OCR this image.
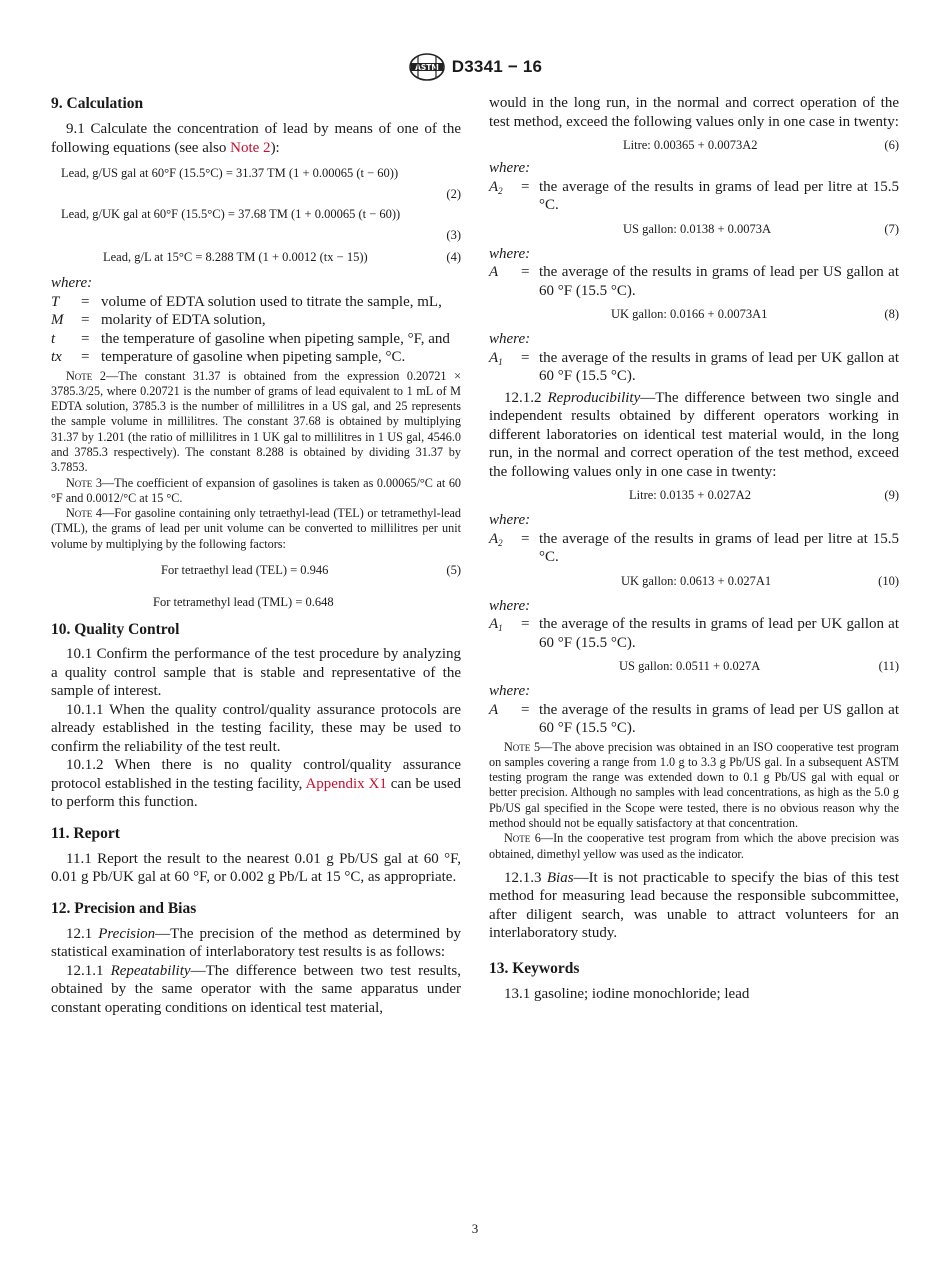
ASTM D3341 − 16

9. Calculation

9.1 Calculate the concentration of lead by means of one of the following equations (see also Note 2):

Lead, g/US gal at 60°F (15.5°C) = 31.37 TM (1 + 0.00065 (t − 60))
(2)
Lead, g/UK gal at 60°F (15.5°C) = 37.68 TM (1 + 0.00065 (t − 60))
(3)
Lead, g/L at 15°C = 8.288 TM (1 + 0.0012 (tx − 15))	(4)

where:

T = volume of EDTA solution used to titrate the sample, mL,
M = molarity of EDTA solution,
t = the temperature of gasoline when pipeting sample, °F, and
tx = temperature of gasoline when pipeting sample, °C.

Note 2—The constant 31.37 is obtained from the expression 0.20721 × 3785.3/25, where 0.20721 is the number of grams of lead equivalent to 1 mL of M EDTA solution, 3785.3 is the number of millilitres in a US gal, and 25 represents the sample volume in millilitres. The constant 37.68 is obtained by multiplying 31.37 by 1.201 (the ratio of millilitres in 1 UK gal to millilitres in 1 US gal, 4546.0 and 3785.3 respectively). The constant 8.288 is obtained by dividing 31.37 by 3.7853.

Note 3—The coefficient of expansion of gasolines is taken as 0.00065/°C at 60 °F and 0.0012/°C at 15 °C.

Note 4—For gasoline containing only tetraethyl-lead (TEL) or tetramethyl-lead (TML), the grams of lead per unit volume can be converted to millilitres per unit volume by multiplying by the following factors:

For tetraethyl lead (TEL) = 0.946	(5)
For tetramethyl lead (TML) = 0.648

10. Quality Control

10.1 Confirm the performance of the test procedure by analyzing a quality control sample that is stable and representative of the sample of interest.

10.1.1 When the quality control/quality assurance protocols are already established in the testing facility, these may be used to confirm the reliability of the test reult.

10.1.2 When there is no quality control/quality assurance protocol established in the testing facility, Appendix X1 can be used to perform this function.

11. Report

11.1 Report the result to the nearest 0.01 g Pb/US gal at 60 °F, 0.01 g Pb/UK gal at 60 °F, or 0.002 g Pb/L at 15 °C, as appropriate.

12. Precision and Bias

12.1 Precision—The precision of the method as determined by statistical examination of interlaboratory test results is as follows:

12.1.1 Repeatability—The difference between two test results, obtained by the same operator with the same apparatus under constant operating conditions on identical test material,

would in the long run, in the normal and correct operation of the test method, exceed the following values only in one case in twenty:

Litre: 0.00365 + 0.0073A2	(6)

where:

$A_2$ = the average of the results in grams of lead per litre at 15.5 °C.
US gallon: 0.0138 + 0.0073A	(7)

where:

A = the average of the results in grams of lead per US gallon at 60 °F (15.5 °C).
UK gallon: 0.0166 + 0.0073A1	(8)

where:

$A_1$ = the average of the results in grams of lead per UK gallon at 60 °F (15.5 °C).

12.1.2 Reproducibility—The difference between two single and independent results obtained by different operators working in different laboratories on identical test material would, in the long run, in the normal and correct operation of the test method, exceed the following values only in one case in twenty:

Litre: 0.0135 + 0.027A2	(9)

where:

$A_2$ = the average of the results in grams of lead per litre at 15.5 °C.
UK gallon: 0.0613 + 0.027A1	(10)

where:

$A_1$ = the average of the results in grams of lead per UK gallon at 60 °F (15.5 °C).
US gallon: 0.0511 + 0.027A	(11)

where:

A = the average of the results in grams of lead per US gallon at 60 °F (15.5 °C).

Note 5—The above precision was obtained in an ISO cooperative test program on samples covering a range from 1.0 g to 3.3 g Pb/US gal. In a subsequent ASTM testing program the range was extended down to 0.1 g Pb/US gal with equal or better precision. Although no samples with lead concentrations, as high as the 5.0 g Pb/US gal specified in the Scope were tested, there is no obvious reason why the method should not be equally satisfactory at that concentration.

Note 6—In the cooperative test program from which the above precision was obtained, dimethyl yellow was used as the indicator.

12.1.3 Bias—It is not practicable to specify the bias of this test method for measuring lead because the responsible subcommittee, after diligent search, was unable to attract volunteers for an interlaboratory study.

13. Keywords

13.1 gasoline; iodine monochloride; lead

3
